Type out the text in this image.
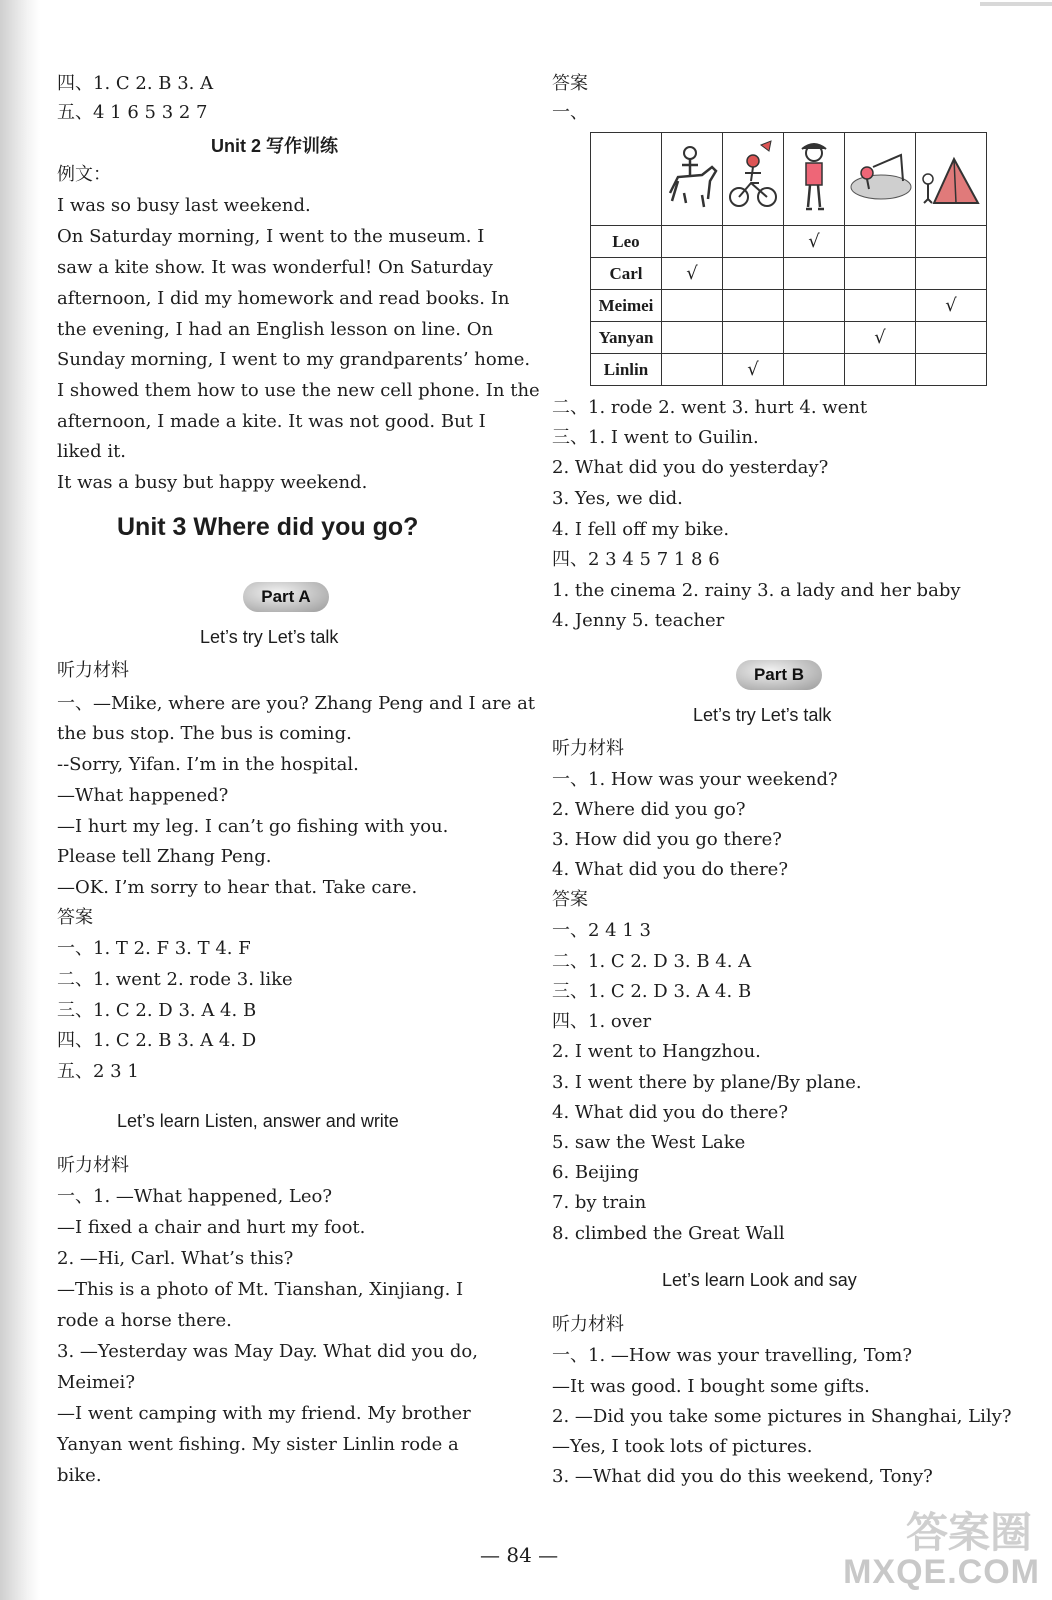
四、1. C 2. B 3. A
五、4 1 6 5 3 2 7
Unit 2 写作训练
例文：
I was so busy last weekend.
On Saturday morning, I went to the museum. I
saw a kite show. It was wonderful! On Saturday
afternoon, I did my homework and read books. In
the evening, I had an English lesson on line. On
Sunday morning, I went to my grandparents’ home.
I showed them how to use the new cell phone. In the
afternoon, I made a kite. It was not good. But I
liked it.
It was a busy but happy weekend.
Unit 3 Where did you go?
Part A
Let’s try Let’s talk
听力材料
一、—Mike, where are you? Zhang Peng and I are at
the bus stop. The bus is coming.
--Sorry, Yifan. I’m in the hospital.
—What happened?
—I hurt my leg. I can’t go fishing with you.
Please tell Zhang Peng.
—OK. I’m sorry to hear that. Take care.
答案
一、1. T 2. F 3. T 4. F
二、1. went 2. rode 3. like
三、1. C 2. D 3. A 4. B
四、1. C 2. B 3. A 4. D
五、2 3 1
Let’s learn Listen, answer and write
听力材料
一、1. —What happened, Leo?
—I fixed a chair and hurt my foot.
2. —Hi, Carl. What’s this?
—This is a photo of Mt. Tianshan, Xinjiang. I
rode a horse there.
3. —Yesterday was May Day. What did you do,
Meimei?
—I went camping with my friend. My brother
Yanyan went fishing. My sister Linlin rode a
bike.
答案
一、

Leo			√		
Carl	√				
Meimei					√
Yanyan				√	
Linlin		√			
二、1. rode 2. went 3. hurt 4. went
三、1. I went to Guilin.
2. What did you do yesterday?
3. Yes, we did.
4. I fell off my bike.
四、2 3 4 5 7 1 8 6
1. the cinema 2. rainy 3. a lady and her baby
4. Jenny 5. teacher
Part B
Let’s try Let’s talk
听力材料
一、1. How was your weekend?
2. Where did you go?
3. How did you go there?
4. What did you do there?
答案
一、2 4 1 3
二、1. C 2. D 3. B 4. A
三、1. C 2. D 3. A 4. B
四、1. over
2. I went to Hangzhou.
3. I went there by plane/By plane.
4. What did you do there?
5. saw the West Lake
6. Beijing
7. by train
8. climbed the Great Wall
Let’s learn Look and say
听力材料
一、1. —How was your travelling, Tom?
—It was good. I bought some gifts.
2. —Did you take some pictures in Shanghai, Lily?
—Yes, I took lots of pictures.
3. —What did you do this weekend, Tony?
— 84 —	答案圈
MXQE.COM
